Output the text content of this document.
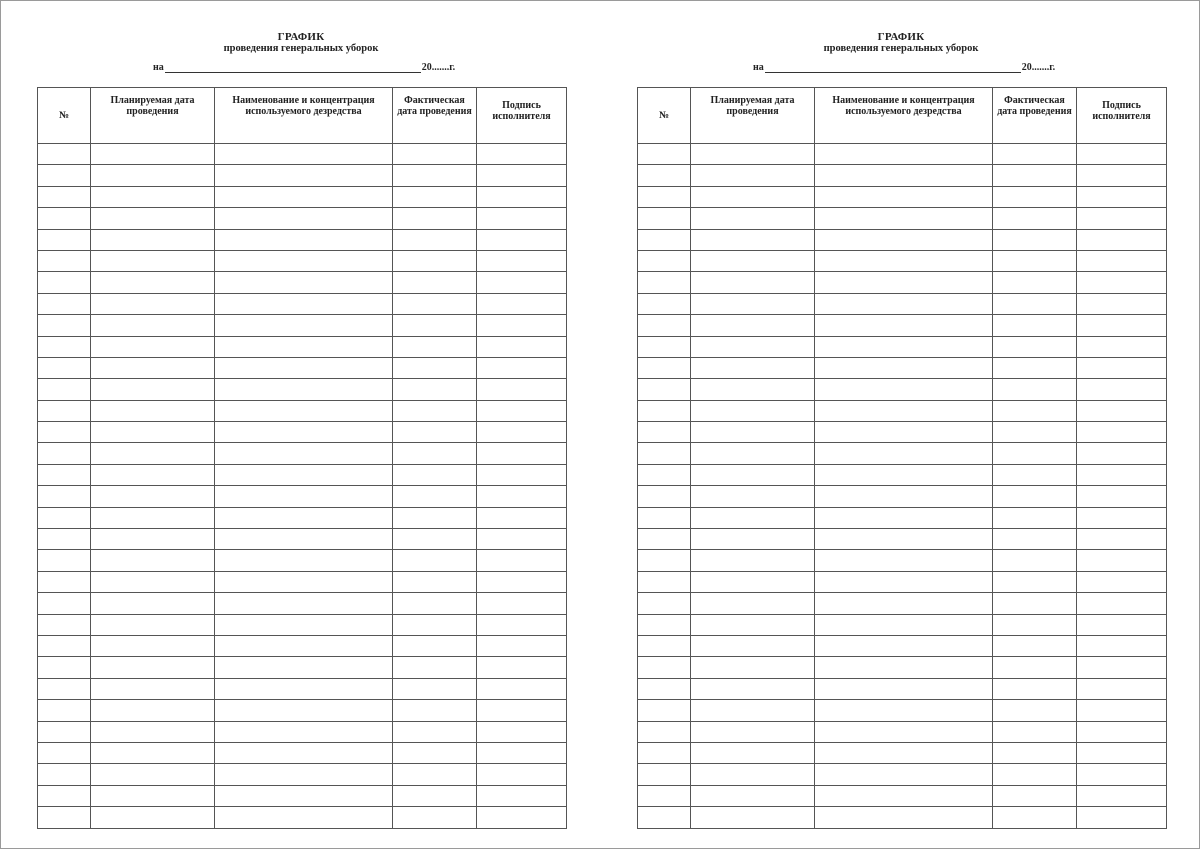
ГРАФИК
проведения генеральных уборок
на	20.......г.
№	Планируемая дата проведения	Наименование и концентрация используемого дезредства	Фактическая дата проведения	Подпись исполнителя

ГРАФИК
проведения генеральных уборок
на	20.......г.
№	Планируемая дата проведения	Наименование и концентрация используемого дезредства	Фактическая дата проведения	Подпись исполнителя
